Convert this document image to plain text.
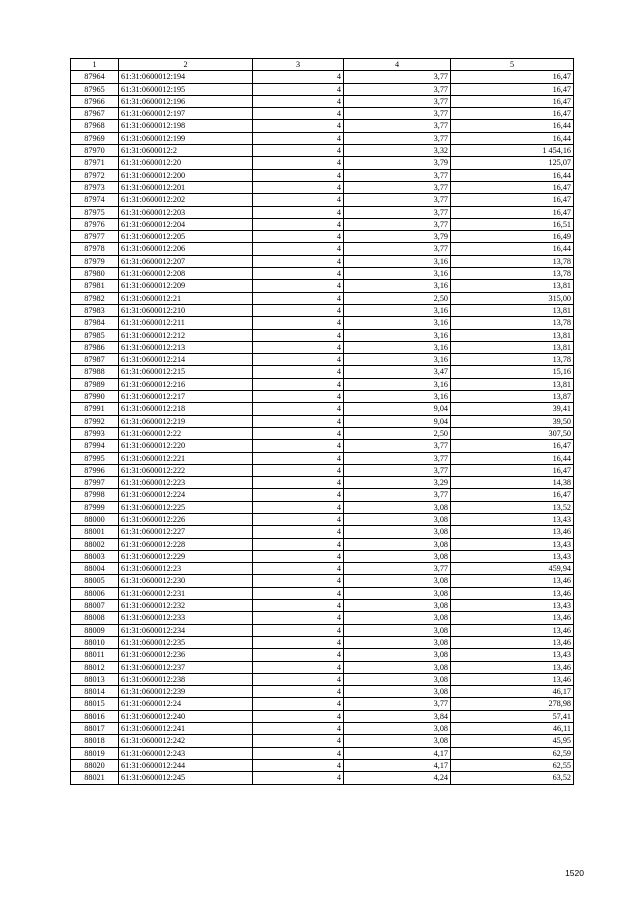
1	2	3	4	5
87964	61:31:0600012:194	4	3,77	16,47
87965	61:31:0600012:195	4	3,77	16,47
87966	61:31:0600012:196	4	3,77	16,47
87967	61:31:0600012:197	4	3,77	16,47
87968	61:31:0600012:198	4	3,77	16,44
87969	61:31:0600012:199	4	3,77	16,44
87970	61:31:0600012:2	4	3,32	1 454,16
87971	61:31:0600012:20	4	3,79	125,07
87972	61:31:0600012:200	4	3,77	16,44
87973	61:31:0600012:201	4	3,77	16,47
87974	61:31:0600012:202	4	3,77	16,47
87975	61:31:0600012:203	4	3,77	16,47
87976	61:31:0600012:204	4	3,77	16,51
87977	61:31:0600012:205	4	3,79	16,49
87978	61:31:0600012:206	4	3,77	16,44
87979	61:31:0600012:207	4	3,16	13,78
87980	61:31:0600012:208	4	3,16	13,78
87981	61:31:0600012:209	4	3,16	13,81
87982	61:31:0600012:21	4	2,50	315,00
87983	61:31:0600012:210	4	3,16	13,81
87984	61:31:0600012:211	4	3,16	13,78
87985	61:31:0600012:212	4	3,16	13,81
87986	61:31:0600012:213	4	3,16	13,81
87987	61:31:0600012:214	4	3,16	13,78
87988	61:31:0600012:215	4	3,47	15,16
87989	61:31:0600012:216	4	3,16	13,81
87990	61:31:0600012:217	4	3,16	13,87
87991	61:31:0600012:218	4	9,04	39,41
87992	61:31:0600012:219	4	9,04	39,50
87993	61:31:0600012:22	4	2,50	307,50
87994	61:31:0600012:220	4	3,77	16,47
87995	61:31:0600012:221	4	3,77	16,44
87996	61:31:0600012:222	4	3,77	16,47
87997	61:31:0600012:223	4	3,29	14,38
87998	61:31:0600012:224	4	3,77	16,47
87999	61:31:0600012:225	4	3,08	13,52
88000	61:31:0600012:226	4	3,08	13,43
88001	61:31:0600012:227	4	3,08	13,46
88002	61:31:0600012:228	4	3,08	13,43
88003	61:31:0600012:229	4	3,08	13,43
88004	61:31:0600012:23	4	3,77	459,94
88005	61:31:0600012:230	4	3,08	13,46
88006	61:31:0600012:231	4	3,08	13,46
88007	61:31:0600012:232	4	3,08	13,43
88008	61:31:0600012:233	4	3,08	13,46
88009	61:31:0600012:234	4	3,08	13,46
88010	61:31:0600012:235	4	3,08	13,46
88011	61:31:0600012:236	4	3,08	13,43
88012	61:31:0600012:237	4	3,08	13,46
88013	61:31:0600012:238	4	3,08	13,46
88014	61:31:0600012:239	4	3,08	46,17
88015	61:31:0600012:24	4	3,77	278,98
88016	61:31:0600012:240	4	3,84	57,41
88017	61:31:0600012:241	4	3,08	46,11
88018	61:31:0600012:242	4	3,08	45,95
88019	61:31:0600012:243	4	4,17	62,59
88020	61:31:0600012:244	4	4,17	62,55
88021	61:31:0600012:245	4	4,24	63,52
1520
